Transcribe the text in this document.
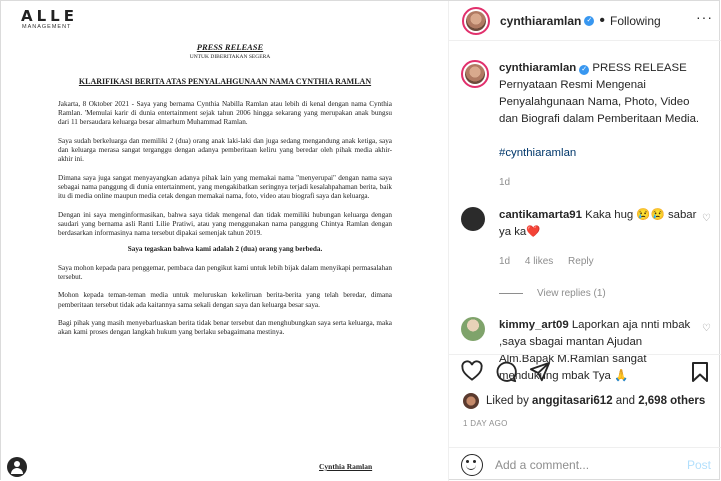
ALLE
MANAGEMENT
PRESS RELEASE
UNTUK DIBERITAKAN SEGERA
KLARIFIKASI BERITA ATAS PENYALAHGUNAAN NAMA CYNTHIA RAMLAN

Jakarta, 8 Oktober 2021 - Saya yang bernama Cynthia Nabilla Ramlan atau lebih di kenal dengan nama Cynthia Ramlan. 'Memulai karir di dunia entertainment sejak tahun 2006 hingga sekarang yang merupakan anak bungsu dari 11 bersaudara keluarga besar almarhum Muhammad Ramlan.

Saya sudah berkeluarga dan memiliki 2 (dua) orang anak laki-laki dan juga sedang mengandung anak ketiga, saya dan keluarga merasa sangat terganggu dengan adanya pemberitaan keliru yang beredar oleh pihak media akhir-akhir ini.

Dimana saya juga sangat menyayangkan adanya pihak lain yang memakai nama "menyerupai" dengan nama saya sebagai nama panggung di dunia entertainment, yang mengakibatkan seringnya terjadi kesalahpahaman berita, baik itu di media online maupun media cetak dengan memakai nama, foto, video atau biografi saya dan keluarga.

Dengan ini saya menginformasikan, bahwa saya tidak mengenal dan tidak memiliki hubungan keluarga dengan saudari yang bernama asli Ranti Lilie Pratiwi, atau yang menggunakan nama panggung Chintya Ramlan dengan berdasarkan informasinya nama tersebut dipakai semenjak tahun 2019.

Saya tegaskan bahwa kami adalah 2 (dua) orang yang berbeda.

Saya mohon kepada para penggemar, pembaca dan pengikut kami untuk lebih bijak dalam menyikapi permasalahan tersebut.

Mohon kepada teman-teman media untuk meluruskan kekeliruan berita-berita yang telah beredar, dimana pemberitaan tersebut tidak ada kaitannya sama sekali dengan saya dan keluarga besar saya.

Bagi pihak yang masih menyebarluaskan berita tidak benar tersebut dan menghubungkan saya serta keluarga, maka akan kami proses dengan langkah hukum yang berlaku sebagaimana mestinya.

Cynthia Ramlan
cynthiaramlan ✓ • Following	···
cynthiaramlan ✓ PRESS RELEASE Pernyataan Resmi Mengenai Penyalahgunaan Nama, Photo, Video dan Biografi dalam Pemberitaan Media.
#cynthiaramlan
1d
cantikamarta91 Kaka hug 😢😢 sabar ya ka❤️
1d 4 likes Reply
♡
View replies (1)
kimmy_art09 Laporkan aja nnti mbak ,saya sbagai mantan Ajudan Alm.Bapak M.Ramlan sangat mendukung mbak Tya 🙏
♡
Liked by
anggitasari612
and
2,698 others
1 DAY AGO
Add a comment...
Post
